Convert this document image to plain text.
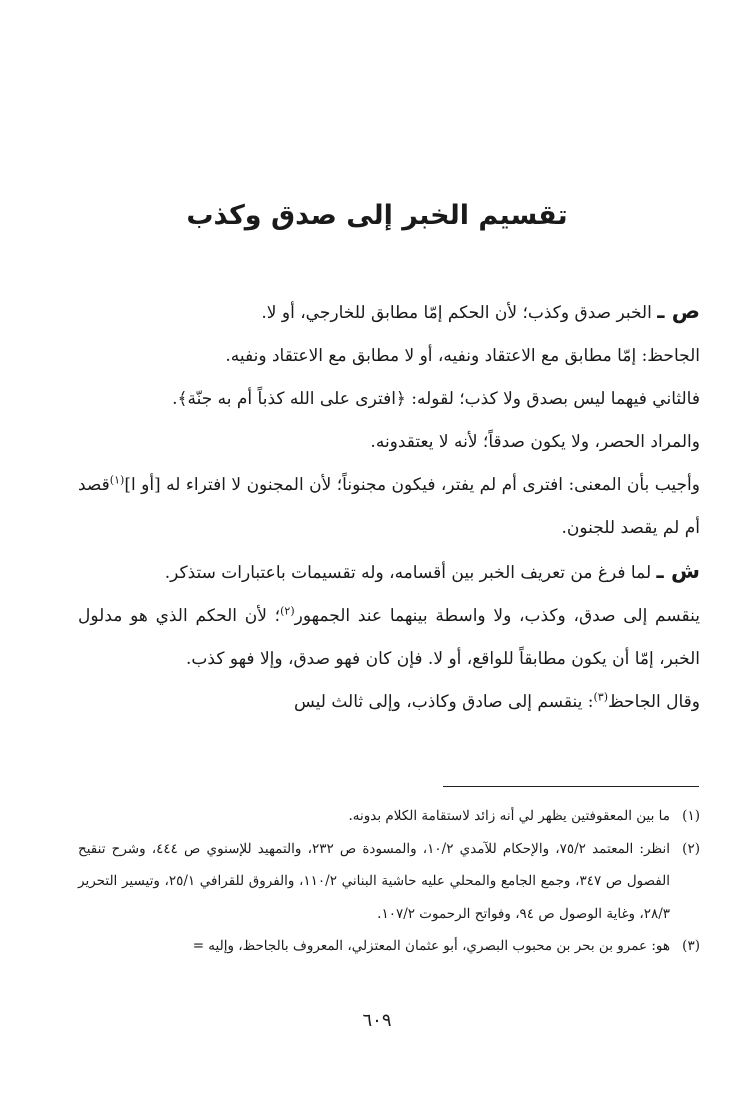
تقسيم الخبر إلى صدق وكذب

ص ـ الخبر صدق وكذب؛ لأن الحكم إمّا مطابق للخارجي، أو لا.

الجاحظ: إمّا مطابق مع الاعتقاد ونفيه، أو لا مطابق مع الاعتقاد ونفيه.

فالثاني فيهما ليس بصدق ولا كذب؛ لقوله: ﴿افترى على الله كذباً أم به جنّة﴾.

والمراد الحصر، ولا يكون صدقاً؛ لأنه لا يعتقدونه.

وأجيب بأن المعنى: افترى أم لم يفتر، فيكون مجنوناً؛ لأن المجنون لا افتراء له [أو ا]$^{(١)}$قصد أم لم يقصد للجنون.

ش ـ لما فرغ من تعريف الخبر بين أقسامه، وله تقسيمات باعتبارات ستذكر.

ينقسم إلى صدق، وكذب، ولا واسطة بينهما عند الجمهور$^{(٢)}$؛ لأن الحكم الذي هو مدلول الخبر، إمّا أن يكون مطابقاً للواقع، أو لا. فإن كان فهو صدق، وإلا فهو كذب.

وقال الجاحظ$^{(٣)}$: ينقسم إلى صادق وكاذب، وإلى ثالث ليس

(١)
ما بين المعقوفتين يظهر لي أنه زائد لاستقامة الكلام بدونه.
(٢)
انظر: المعتمد ٧٥/٢، والإحكام للآمدي ١٠/٢، والمسودة ص ٢٣٢، والتمهيد للإسنوي ص ٤٤٤، وشرح تنقيح الفصول ص ٣٤٧، وجمع الجامع والمحلي عليه حاشية البناني ١١٠/٢، والفروق للقرافي ٢٥/١، وتيسير التحرير ٢٨/٣، وغاية الوصول ص ٩٤، وفواتح الرحموت ١٠٧/٢.
(٣)
هو: عمرو بن بحر بن محبوب البصري، أبو عثمان المعتزلي، المعروف بالجاحظ، وإليه =
٦٠٩
